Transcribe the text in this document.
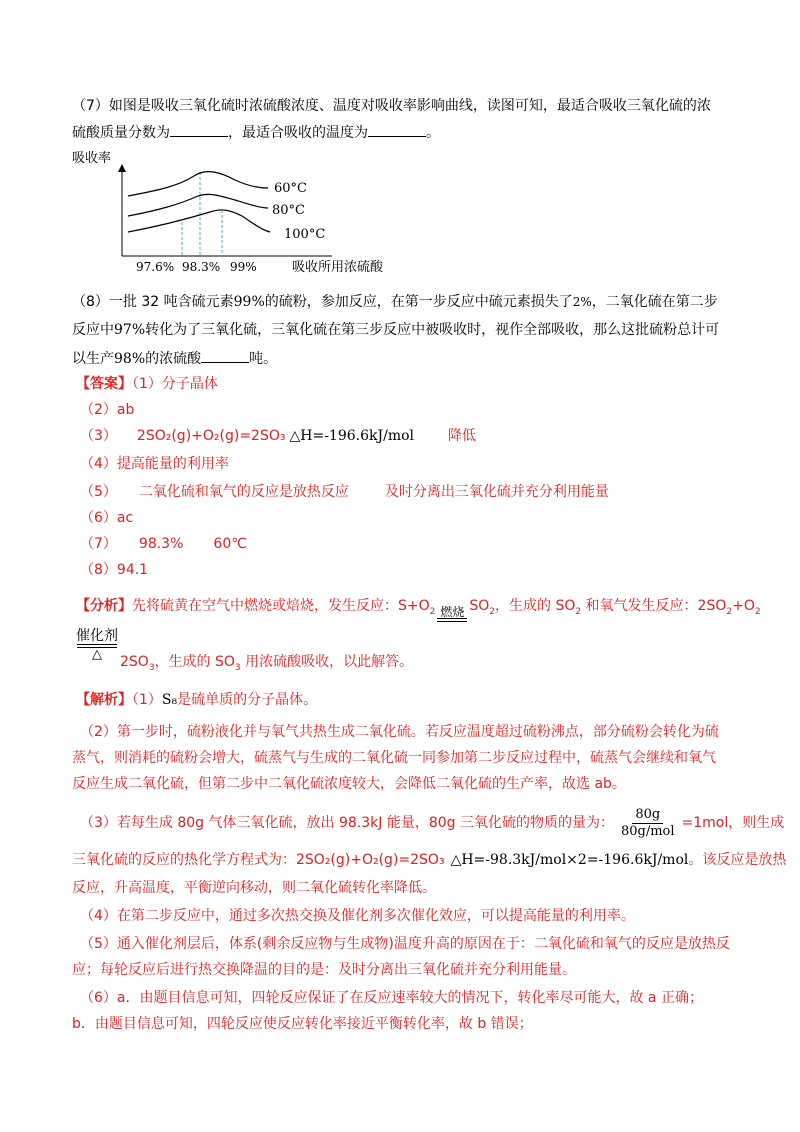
（7）如图是吸收三氧化硫时浓硫酸浓度、温度对吸收率影响曲线，读图可知，最适合吸收三氧化硫的浓
硫酸质量分数为	，最适合吸收的温度为	。
吸收率
60°C
80°C
100°C
97.6% 98.3% 99%	吸收所用浓硫酸
（8）一批 32 吨含硫元素99%的硫粉，参加反应，在第一步反应中硫元素损失了2%，二氧化硫在第二步
反应中97%转化为了三氧化硫，三氧化硫在第三步反应中被吸收时，视作全部吸收，那么这批硫粉总计可
以生产98%的浓硫酸	吨。
【答案】（1）分子晶体
（2）ab
（3） 2SO₂(g)+O₂(g)=2SO₃ △H=-196.6kJ/mol 降低
（4）提高能量的利用率
（5） 二氧化硫和氧气的反应是放热反应	及时分离出三氧化硫并充分利用能量
（6）ac
（7） 98.3% 60℃
（8）94.1
【分析】先将硫黄在空气中燃烧或焙烧，发生反应：$S+O_2$ 燃烧 $SO_2$，生成的 $SO_2$ 和氧气发生反应：$2SO_2+O_2$
催化剂
△ $2SO_3$，生成的 $SO_3$ 用浓硫酸吸收，以此解答。
【解析】（1）S₈是硫单质的分子晶体。
（2）第一步时，硫粉液化并与氧气共热生成二氧化硫。若反应温度超过硫粉沸点，部分硫粉会转化为硫
蒸气，则消耗的硫粉会增大，硫蒸气与生成的二氧化硫一同参加第二步反应过程中，硫蒸气会继续和氧气
反应生成二氧化硫，但第二步中二氧化硫浓度较大，会降低二氧化硫的生产率，故选 ab。
（3）若每生成 80g 气体三氧化硫，放出 98.3kJ 能量，80g 三氧化硫的物质的量为： $\frac{80g}{\text{80g/mol}} =1mol$，则生成
三氧化硫的反应的热化学方程式为：2SO₂(g)+O₂(g)=2SO₃ △H=-98.3kJ/mol×2=-196.6kJ/mol。该反应是放热
反应，升高温度，平衡逆向移动，则二氧化硫转化率降低。
（4）在第二步反应中，通过多次热交换及催化剂多次催化效应，可以提高能量的利用率。
（5）通入催化剂层后，体系(剩余反应物与生成物)温度升高的原因在于：二氧化硫和氧气的反应是放热反
应；每轮反应后进行热交换降温的目的是：及时分离出三氧化硫并充分利用能量。
（6）a．由题目信息可知，四轮反应保证了在反应速率较大的情况下，转化率尽可能大，故 a 正确；
b．由题目信息可知，四轮反应使反应转化率接近平衡转化率，故 b 错误；
